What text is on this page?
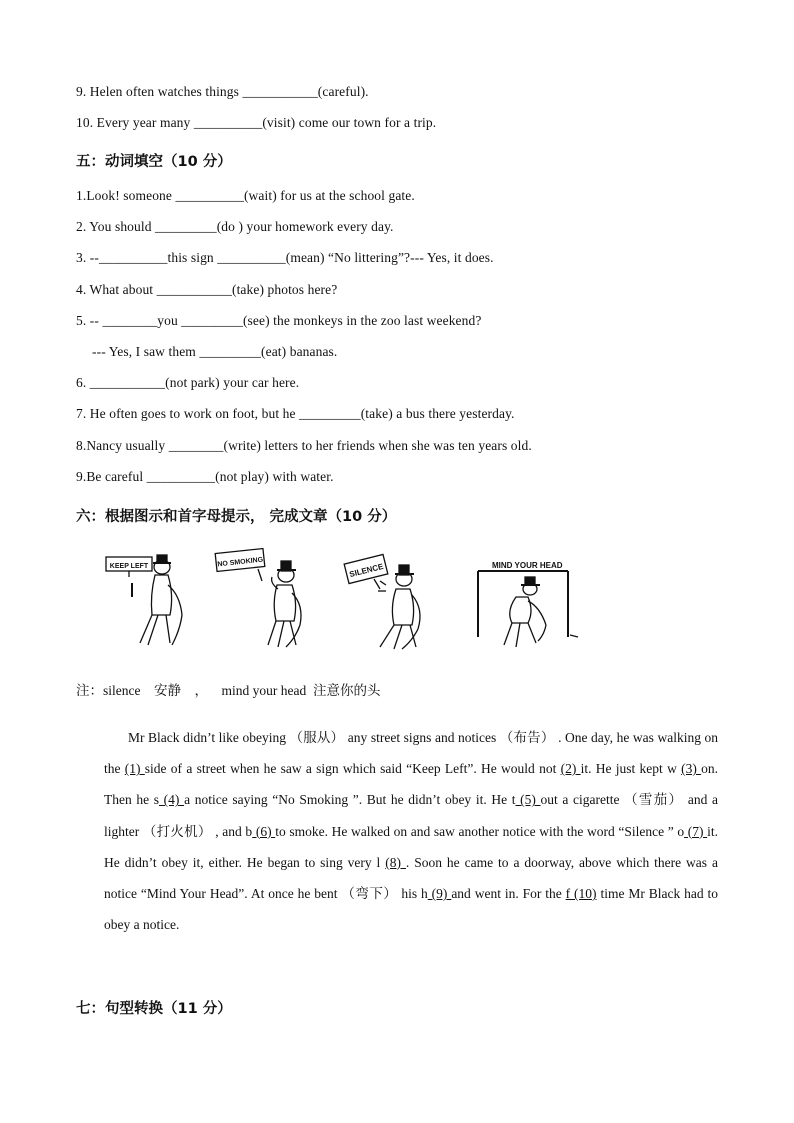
9. Helen often watches things ___________(careful).
10. Every year many __________(visit) come our town for a trip.
五：动词填空（10 分）
1.Look! someone __________(wait) for us at the school gate.
2. You should _________(do ) your homework every day.
3. --__________this sign __________(mean) “No littering”?--- Yes, it does.
4. What about ___________(take) photos here?
5. -- ________you _________(see) the monkeys in the zoo last weekend?
--- Yes, I saw them _________(eat) bananas.
6. ___________(not park) your car here.
7. He often goes to work on foot, but he _________(take) a bus there yesterday.
8.Nancy usually ________(write) letters to her friends when she was ten years old.
9.Be careful __________(not play) with water.
六：根据图示和首字母提示， 完成文章（10 分）
KEEP LEFT	NO SMOKING	SILENCE	MIND YOUR HEAD
注：silence 安静 ， mind your head 注意你的头
Mr Black didn’t like obeying （服从） any street signs and notices （布告） . One day, he was walking on the (1) side of a street when he saw a sign which said “Keep Left”. He would not (2) it. He just kept w (3) on. Then he s (4) a notice saying “No Smoking ”. But he didn’t obey it. He t (5) out a cigarette （雪茄） and a lighter （打火机） , and b (6) to smoke. He walked on and saw another notice with the word “Silence ” o (7) it. He didn’t obey it, either. He began to sing very l (8) . Soon he came to a doorway, above which there was a notice “Mind Your Head”. At once he bent （弯下） his h (9) and went in. For the f (10) time Mr Black had to obey a notice.
七：句型转换（11 分）
